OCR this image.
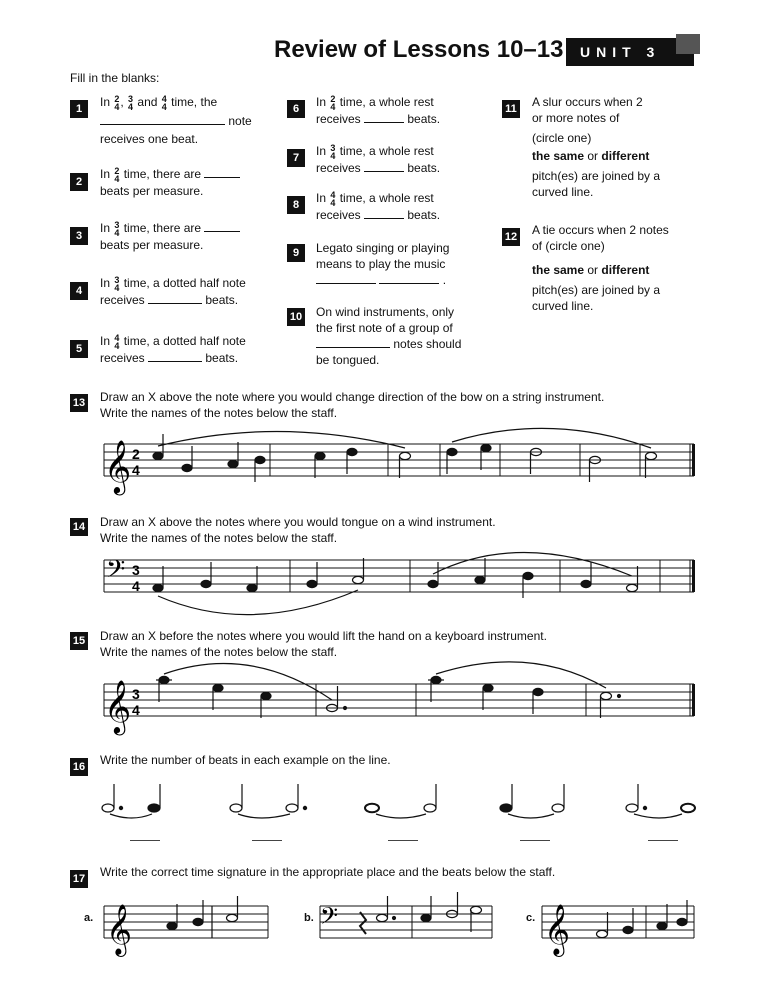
Review of Lessons 10–13	UNIT 3
Fill in the blanks:
1	In 2
4 , 3
4 and 4
4 time, the
note
receives one beat.
2
In 2
4 time, there are
beats per measure.
3
In 3
4 time, there are
beats per measure.
4
In 3
4 time, a dotted half note
receives	beats.
5
In 4
4 time, a dotted half note
receives	beats.
6	In 2
4 time, a whole rest
receives	beats.
7	In 3
4 time, a whole rest
receives	beats.
8	In 4
4 time, a whole rest
receives	beats.
9	Legato singing or playing
means to play the music
.
10 On wind instruments, only
the first note of a group of
notes should
be tongued.
11 A slur occurs when 2
or more notes of
(circle one)
the same or different
pitch(es) are joined by a
curved line.
12 A tie occurs when 2 notes
of (circle one)
the same or different
pitch(es) are joined by a
curved line.
13 Draw an X above the note where you would change direction of the bow on a string instrument.
Write the names of the notes below the staff.
𝄞 2
4
14 Draw an X above the notes where you would tongue on a wind instrument.
Write the names of the notes below the staff.
𝄢 3
4
15 Draw an X before the notes where you would lift the hand on a keyboard instrument.
Write the names of the notes below the staff.
𝄞 3
4
16 Write the number of beats in each example on the line.
17 Write the correct time signature in the appropriate place and the beats below the staff.
a. 𝄞	b. 𝄢	c. 𝄞
